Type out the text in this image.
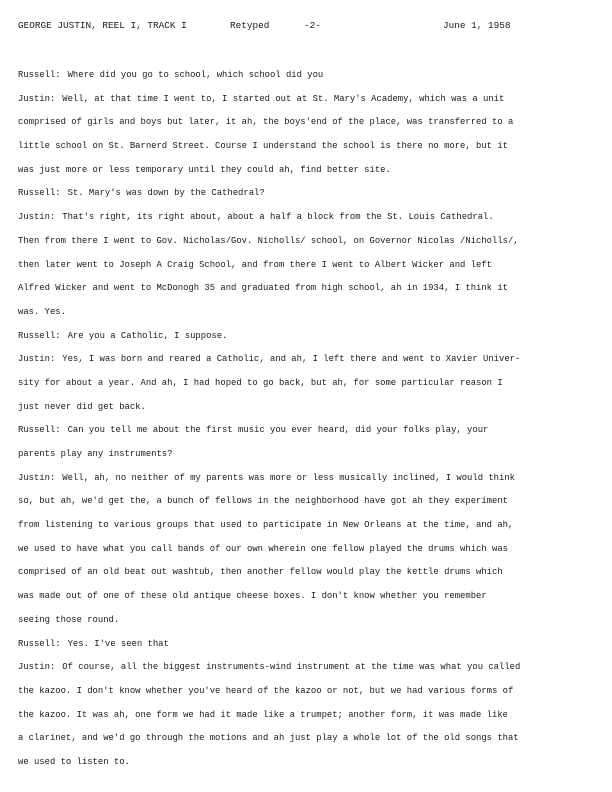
GEORGE JUSTIN, REEL I, TRACK I	Retyped	-2-	June 1, 1958
Russell: Where did you go to school, which school did you
Justin: Well, at that time I went to, I started out at St. Mary's Academy, which was a unit
comprised of girls and boys but later, it ah, the boys'end of the place, was transferred to a
little school on St. Barnerd Street. Course I understand the school is there no more, but it
was just more or less temporary until they could ah, find better site.
Russell: St. Mary's was down by the Cathedral?
Justin: That's right, its right about, about a half a block from the St. Louis Cathedral.
Then from there I went to Gov. Nicholas/Gov. Nicholls/ school, on Governor Nicolas /Nicholls/,
then later went to Joseph A Craig School, and from there I went to Albert Wicker and left
Alfred Wicker and went to McDonogh 35 and graduated from high school, ah in 1934, I think it
was. Yes.
Russell: Are you a Catholic, I suppose.
Justin: Yes, I was born and reared a Catholic, and ah, I left there and went to Xavier Univer-
sity for about a year. And ah, I had hoped to go back, but ah, for some particular reason I
just never did get back.
Russell: Can you tell me about the first music you ever heard, did your folks play, your
parents play any instruments?
Justin: Well, ah, no neither of my parents was more or less musically inclined, I would think
so, but ah, we'd get the, a bunch of fellows in the neighborhood have got ah they experiment
from listening to various groups that used to participate in New Orleans at the time, and ah,
we used to have what you call bands of our own wherein one fellow played the drums which was
comprised of an old beat out washtub, then another fellow would play the kettle drums which
was made out of one of these old antique cheese boxes. I don't know whether you remember
seeing those round.
Russell: Yes. I've seen that
Justin: Of course, all the biggest instruments-wind instrument at the time was what you called
the kazoo. I don't know whether you've heard of the kazoo or not, but we had various forms of
the kazoo. It was ah, one form we had it made like a trumpet; another form, it was made like
a clarinet, and we'd go through the motions and ah just play a whole lot of the old songs that
we used to listen to.
